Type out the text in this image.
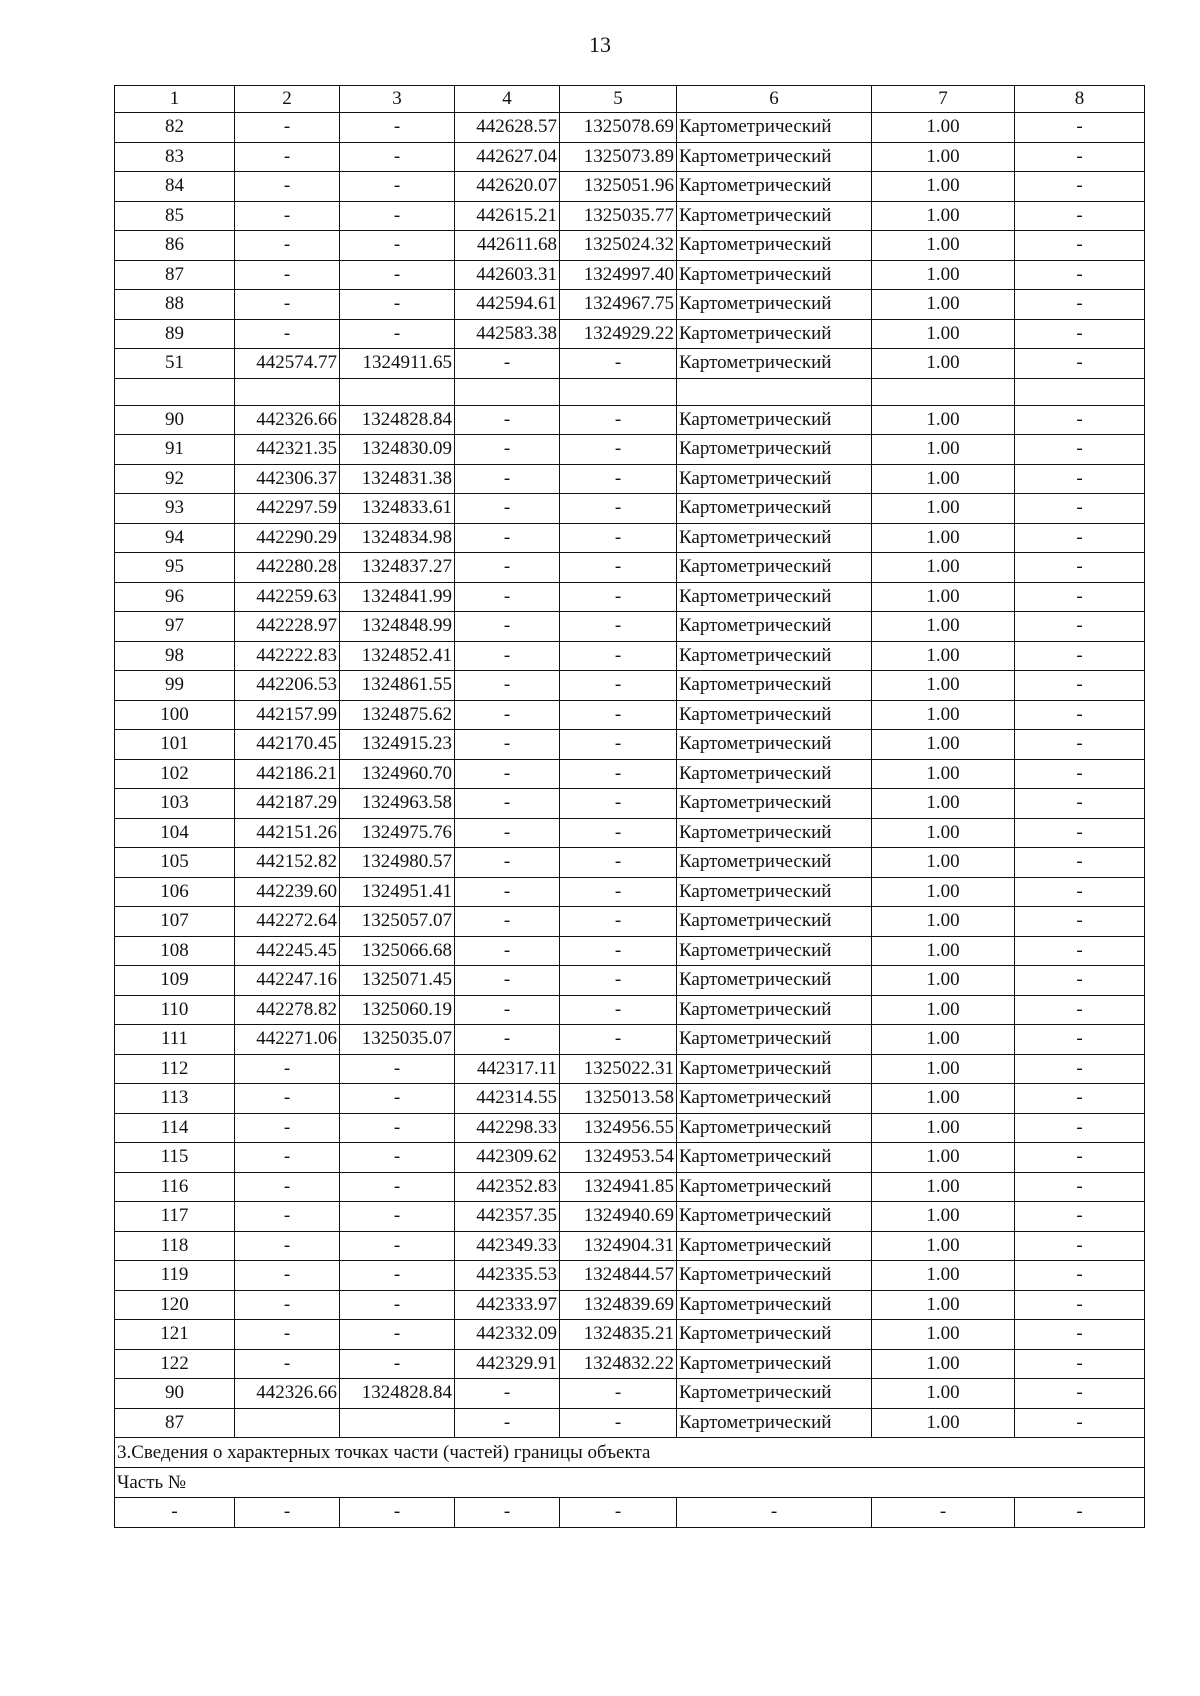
13
1	2	3	4	5	6	7	8
82	-	-	442628.57	1325078.69	Картометрический	1.00	-
83	-	-	442627.04	1325073.89	Картометрический	1.00	-
84	-	-	442620.07	1325051.96	Картометрический	1.00	-
85	-	-	442615.21	1325035.77	Картометрический	1.00	-
86	-	-	442611.68	1325024.32	Картометрический	1.00	-
87	-	-	442603.31	1324997.40	Картометрический	1.00	-
88	-	-	442594.61	1324967.75	Картометрический	1.00	-
89	-	-	442583.38	1324929.22	Картометрический	1.00	-
51	442574.77	1324911.65	-	-	Картометрический	1.00	-

90	442326.66	1324828.84	-	-	Картометрический	1.00	-
91	442321.35	1324830.09	-	-	Картометрический	1.00	-
92	442306.37	1324831.38	-	-	Картометрический	1.00	-
93	442297.59	1324833.61	-	-	Картометрический	1.00	-
94	442290.29	1324834.98	-	-	Картометрический	1.00	-
95	442280.28	1324837.27	-	-	Картометрический	1.00	-
96	442259.63	1324841.99	-	-	Картометрический	1.00	-
97	442228.97	1324848.99	-	-	Картометрический	1.00	-
98	442222.83	1324852.41	-	-	Картометрический	1.00	-
99	442206.53	1324861.55	-	-	Картометрический	1.00	-
100	442157.99	1324875.62	-	-	Картометрический	1.00	-
101	442170.45	1324915.23	-	-	Картометрический	1.00	-
102	442186.21	1324960.70	-	-	Картометрический	1.00	-
103	442187.29	1324963.58	-	-	Картометрический	1.00	-
104	442151.26	1324975.76	-	-	Картометрический	1.00	-
105	442152.82	1324980.57	-	-	Картометрический	1.00	-
106	442239.60	1324951.41	-	-	Картометрический	1.00	-
107	442272.64	1325057.07	-	-	Картометрический	1.00	-
108	442245.45	1325066.68	-	-	Картометрический	1.00	-
109	442247.16	1325071.45	-	-	Картометрический	1.00	-
110	442278.82	1325060.19	-	-	Картометрический	1.00	-
111	442271.06	1325035.07	-	-	Картометрический	1.00	-
112	-	-	442317.11	1325022.31	Картометрический	1.00	-
113	-	-	442314.55	1325013.58	Картометрический	1.00	-
114	-	-	442298.33	1324956.55	Картометрический	1.00	-
115	-	-	442309.62	1324953.54	Картометрический	1.00	-
116	-	-	442352.83	1324941.85	Картометрический	1.00	-
117	-	-	442357.35	1324940.69	Картометрический	1.00	-
118	-	-	442349.33	1324904.31	Картометрический	1.00	-
119	-	-	442335.53	1324844.57	Картометрический	1.00	-
120	-	-	442333.97	1324839.69	Картометрический	1.00	-
121	-	-	442332.09	1324835.21	Картометрический	1.00	-
122	-	-	442329.91	1324832.22	Картометрический	1.00	-
90	442326.66	1324828.84	-	-	Картометрический	1.00	-
87			-	-	Картометрический	1.00	-
3.Сведения о характерных точках части (частей) границы объекта							
Часть №							
-	-	-	-	-	-	-	-
